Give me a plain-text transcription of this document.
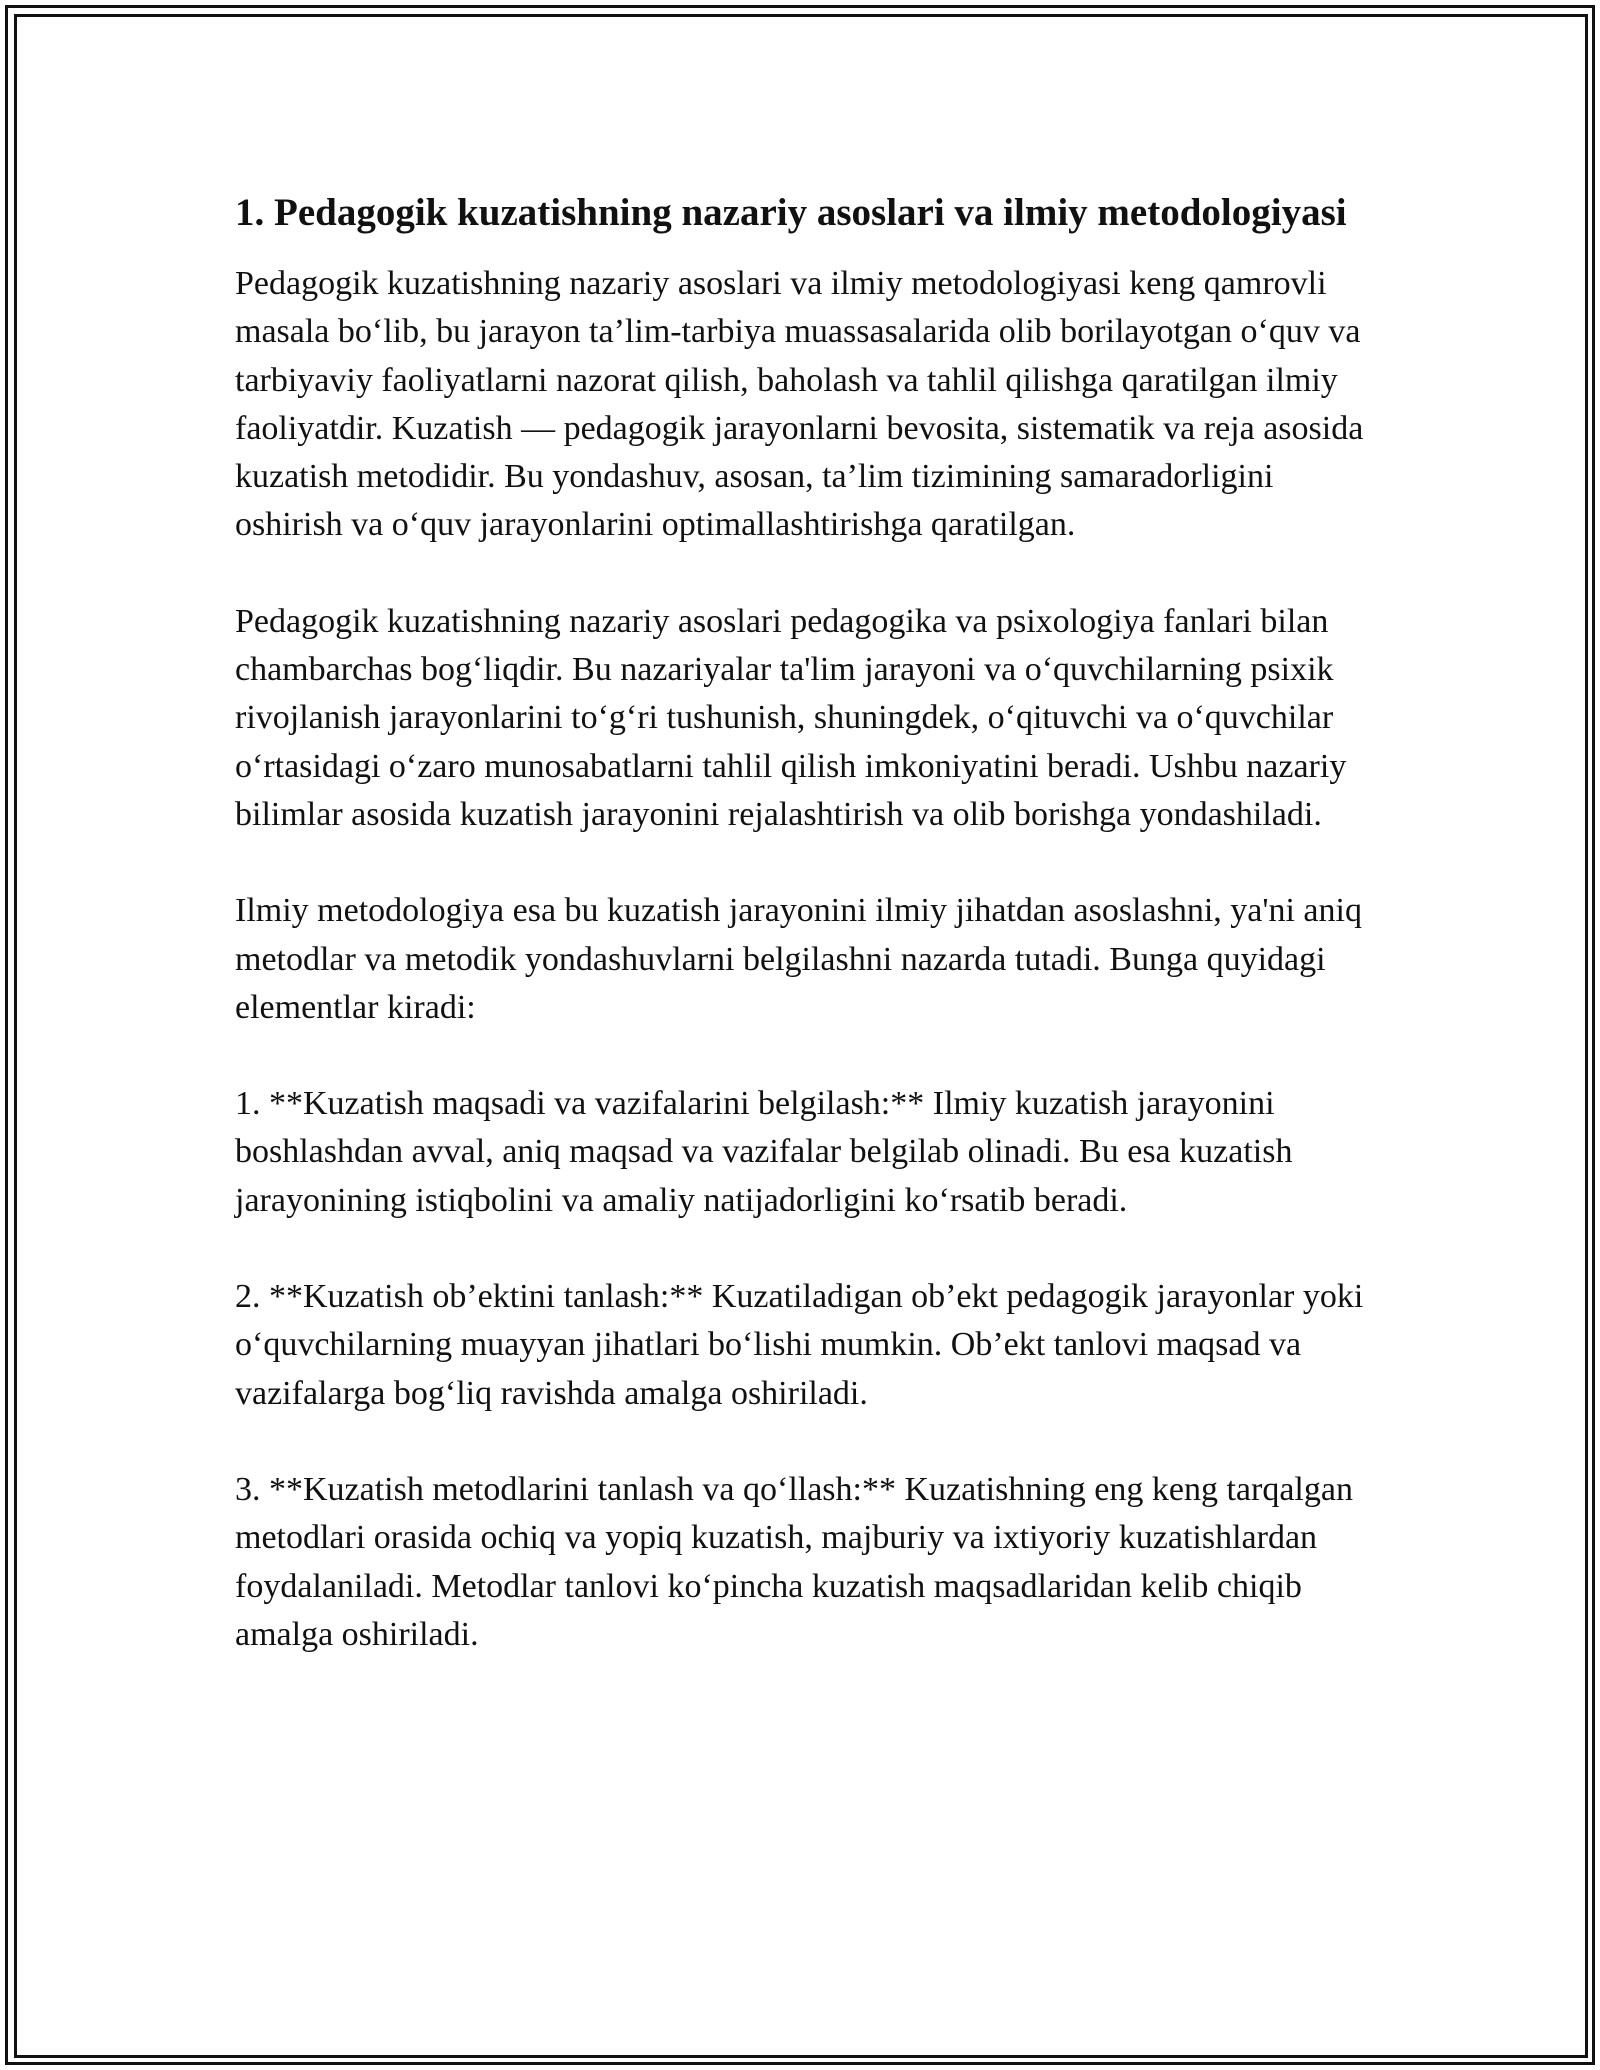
1. Pedagogik kuzatishning nazariy asoslari va ilmiy metodologiyasi

Pedagogik kuzatishning nazariy asoslari va ilmiy metodologiyasi keng qamrovli masala bo‘lib, bu jarayon ta’lim-tarbiya muassasalarida olib borilayotgan o‘quv va tarbiyaviy faoliyatlarni nazorat qilish, baholash va tahlil qilishga qaratilgan ilmiy faoliyatdir. Kuzatish — pedagogik jarayonlarni bevosita, sistematik va reja asosida kuzatish metodidir. Bu yondashuv, asosan, ta’lim tizimining samaradorligini oshirish va o‘quv jarayonlarini optimallashtirishga qaratilgan.

Pedagogik kuzatishning nazariy asoslari pedagogika va psixologiya fanlari bilan chambarchas bog‘liqdir. Bu nazariyalar ta'lim jarayoni va o‘quvchilarning psixik rivojlanish jarayonlarini to‘g‘ri tushunish, shuningdek, o‘qituvchi va o‘quvchilar o‘rtasidagi o‘zaro munosabatlarni tahlil qilish imkoniyatini beradi. Ushbu nazariy bilimlar asosida kuzatish jarayonini rejalashtirish va olib borishga yondashiladi.

Ilmiy metodologiya esa bu kuzatish jarayonini ilmiy jihatdan asoslashni, ya'ni aniq metodlar va metodik yondashuvlarni belgilashni nazarda tutadi. Bunga quyidagi elementlar kiradi:

1. **Kuzatish maqsadi va vazifalarini belgilash:** Ilmiy kuzatish jarayonini boshlashdan avval, aniq maqsad va vazifalar belgilab olinadi. Bu esa kuzatish jarayonining istiqbolini va amaliy natijadorligini ko‘rsatib beradi.

2. **Kuzatish ob’ektini tanlash:** Kuzatiladigan ob’ekt pedagogik jarayonlar yoki o‘quvchilarning muayyan jihatlari bo‘lishi mumkin. Ob’ekt tanlovi maqsad va vazifalarga bog‘liq ravishda amalga oshiriladi.

3. **Kuzatish metodlarini tanlash va qo‘llash:** Kuzatishning eng keng tarqalgan metodlari orasida ochiq va yopiq kuzatish, majburiy va ixtiyoriy kuzatishlardan foydalaniladi. Metodlar tanlovi ko‘pincha kuzatish maqsadlaridan kelib chiqib amalga oshiriladi.
